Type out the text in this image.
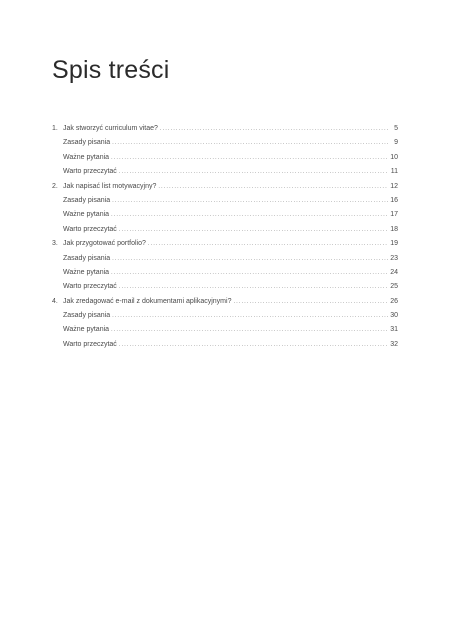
Spis treści
1. Jak stworzyć curriculum vitae? .....	5
Zasady pisania .....	9
Ważne pytania .....	10
Warto przeczytać .....	11
2. Jak napisać list motywacyjny? .....	12
Zasady pisania .....	16
Ważne pytania .....	17
Warto przeczytać .....	18
3. Jak przygotować portfolio? .....	19
Zasady pisania .....	23
Ważne pytania .....	24
Warto przeczytać .....	25
4. Jak zredagować e-mail z dokumentami aplikacyjnymi? .....	26
Zasady pisania .....	30
Ważne pytania .....	31
Warto przeczytać .....	32
